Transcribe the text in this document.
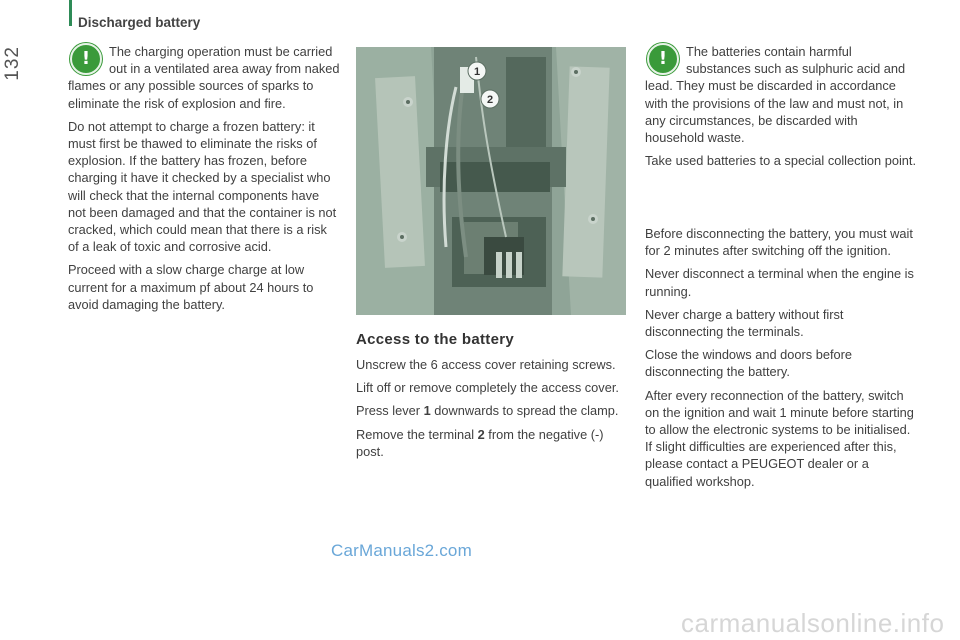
Discharged battery
132	!	The charging operation must be carried out in a ventilated area away from naked flames or any possible sources of sparks to eliminate the risk of explosion and fire.

Do not attempt to charge a frozen battery: it must first be thawed to eliminate the risks of explosion. If the battery has frozen, before charging it have it checked by a specialist who will check that the internal components have not been damaged and that the container is not cracked, which could mean that there is a risk of a leak of toxic and corrosive acid.

Proceed with a slow charge charge at low current for a maximum pf about 24 hours to avoid damaging the battery.

1
2
Access to the battery

Unscrew the 6 access cover retaining screws.

Lift off or remove completely the access cover.

Press lever 1 downwards to spread the clamp.

Remove the terminal 2 from the negative (-) post.

!	The batteries contain harmful substances such as sulphuric acid and lead. They must be discarded in accordance with the provisions of the law and must not, in any circumstances, be discarded with household waste.

Take used batteries to a special collection point.

Before disconnecting the battery, you must wait for 2 minutes after switching off the ignition.

Never disconnect a terminal when the engine is running.

Never charge a battery without first disconnecting the terminals.

Close the windows and doors before disconnecting the battery.

After every reconnection of the battery, switch on the ignition and wait 1 minute before starting to allow the electronic systems to be initialised. If slight difficulties are experienced after this, please contact a PEUGEOT dealer or a qualified workshop.

CarManuals2.com
carmanualsonline.info
